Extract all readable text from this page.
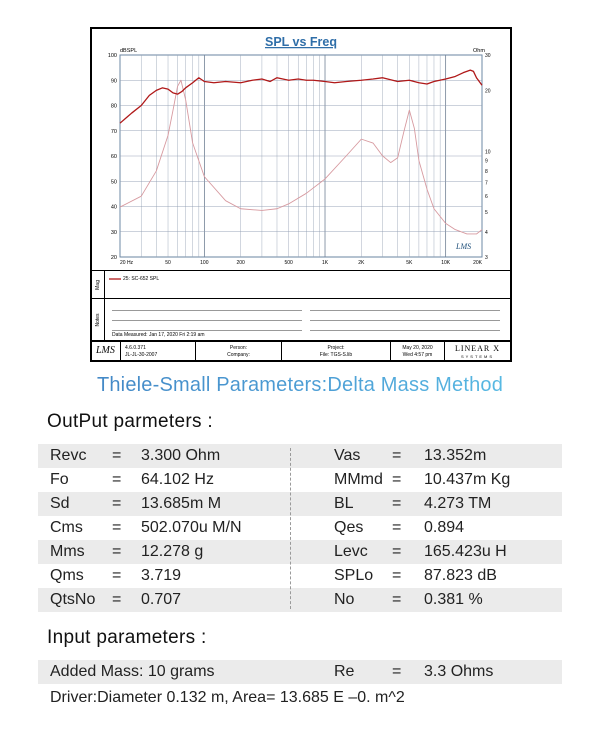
SPL vs Freq
dBSPL	Ohm
20 Hz	50	100	200	500	1K	2K	5K	10K	20K
100
90
80
70
60
50
40
30
20
30
20
10
9
8
7
6
5
4
3
LMS
Mag
25: SC-652 SPL
Notes
Data Measured: Jan 17, 2020 Fri 2:19 am
LMS 4.6.0.371
JL-JL-30-2007
Person:
Company:
Project:
File: TGS-S.lib
May 20, 2020
Wed 4:57 pm
LINEAR X
SYSTEMS
Thiele-Small Parameters:Delta Mass Method
OutPut parmeters :
Revc = 3.300 Ohm	Vas = 13.352m
Fo	= 64.102 Hz	MMmd = 10.437m Kg
Sd	= 13.685m M	BL = 4.273 TM
Cms = 502.070u M/N	Qes = 0.894
Mms = 12.278 g	Levc = 165.423u H
Qms = 3.719	SPLo = 87.823 dB
QtsNo = 0.707	No = 0.381 %
Input parameters :
Added Mass: 10 grams	Re = 3.3 Ohms
Driver:Diameter 0.132 m, Area= 13.685 E –0. m^2
